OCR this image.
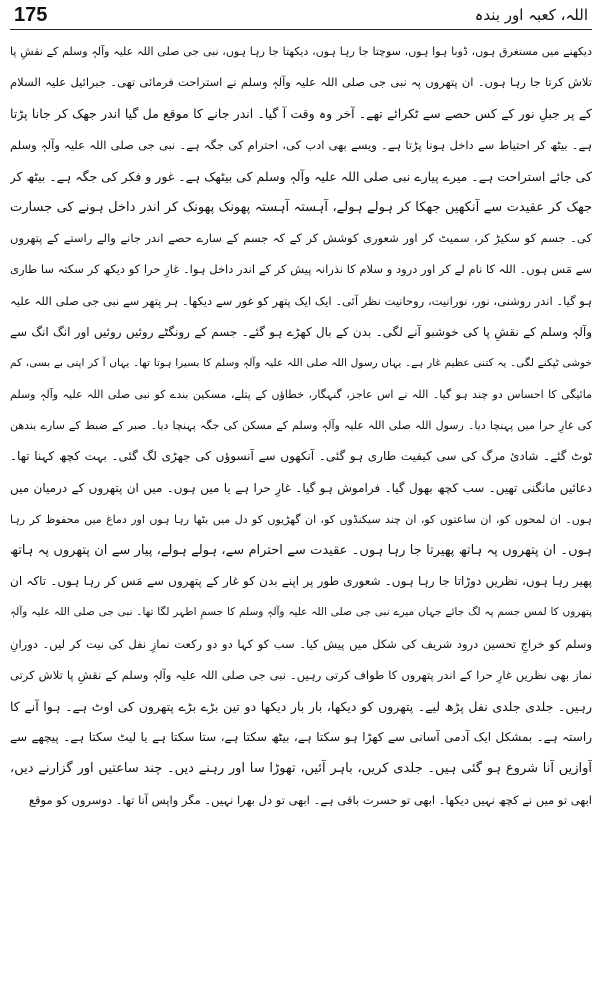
175	اللہ، کعبہ اور بندہ
دیکھنے میں مستغرق ہوں، ڈوبا ہوا ہوں، سوچتا جا رہا ہوں، دیکھتا جا رہا ہوں، نبی جی صلی اللہ علیہ وآلہٖ وسلم کے نقشِ پا
تلاش کرتا جا رہا ہوں۔ ان پتھروں پہ نبی جی صلی اللہ علیہ وآلہٖ وسلم نے استراحت فرمائی تھی۔ جبرائیل علیہ السلام
کے پر جبلِ نور کے کس حصے سے ٹکرائے تھے۔ آخر وہ وقت آ گیا۔ اندر جانے کا موقع مل گیا اندر جھک کر جانا پڑتا
ہے۔ بیٹھ کر احتیاط سے داخل ہونا پڑتا ہے۔ ویسے بھی ادب کی، احترام کی جگہ ہے۔ نبی جی صلی اللہ علیہ وآلہٖ وسلم
کی جائے استراحت ہے۔ میرے پیارے نبی صلی اللہ علیہ وآلہٖ وسلم کی بیٹھک ہے۔ غور و فکر کی جگہ ہے۔ بیٹھ کر
جھک کر عقیدت سے آنکھیں جھکا کر ہولے ہولے، آہستہ آہستہ پھونک پھونک کر اندر داخل ہونے کی جسارت
کی۔ جسم کو سکیڑ کر، سمیٹ کر اور شعوری کوشش کر کے کہ جسم کے سارے حصے اندر جانے والے راستے کے پتھروں
سے مَس ہوں۔ اللہ کا نام لے کر اور درود و سلام کا نذرانہ پیش کر کے اندر داخل ہوا۔ غارِ حرا کو دیکھ کر سکتہ سا طاری
ہو گیا۔ اندر روشنی، نور، نورانیت، روحانیت نظر آئی۔ ایک ایک پتھر کو غور سے دیکھا۔ ہر پتھر سے نبی جی صلی اللہ علیہ
وآلہٖ وسلم کے نقشِ پا کی خوشبو آنے لگی۔ بدن کے بال کھڑے ہو گئے۔ جسم کے رونگٹے روئیں روئیں اور انگ انگ سے
خوشی ٹپکنے لگی۔ یہ کتنی عظیم غار ہے۔ یہاں رسول اللہ صلی اللہ علیہ وآلہٖ وسلم کا بسیرا ہوتا تھا۔ یہاں آ کر اپنی بے بسی، کم
مائیگی کا احساس دو چند ہو گیا۔ اللہ نے اس عاجز، گنہگار، خطاؤں کے پتلے، مسکین بندے کو نبی صلی اللہ علیہ وآلہٖ وسلم
کی غارِ حرا میں پہنچا دیا۔ رسول اللہ صلی اللہ علیہ وآلہٖ وسلم کے مسکن کی جگہ پہنچا دیا۔ صبر کے ضبط کے سارے بندھن
ٹوٹ گئے۔ شادیٔ مرگ کی سی کیفیت طاری ہو گئی۔ آنکھوں سے آنسوؤں کی جھڑی لگ گئی۔ بہت کچھ کہنا تھا۔
دعائیں مانگنی تھیں۔ سب کچھ بھول گیا۔ فراموش ہو گیا۔ غارِ حرا ہے یا میں ہوں۔ میں ان پتھروں کے درمیان میں
ہوں۔ ان لمحوں کو، ان ساعتوں کو، ان چند سیکنڈوں کو، ان گھڑیوں کو دل میں بٹھا رہا ہوں اور دماغ میں محفوظ کر رہا
ہوں۔ ان پتھروں پہ ہاتھ پھیرتا جا رہا ہوں۔ عقیدت سے احترام سے، ہولے ہولے، پیار سے ان پتھروں پہ ہاتھ
پھیر رہا ہوں، نظریں دوڑاتا جا رہا ہوں۔ شعوری طور پر اپنے بدن کو غار کے پتھروں سے مَس کر رہا ہوں۔ تاکہ ان
پتھروں کا لمس جسم پہ لگ جائے جہاں میرے نبی جی صلی اللہ علیہ وآلہٖ وسلم کا جسمِ اطہر لگا تھا۔ نبی جی صلی اللہ علیہ وآلہٖ
وسلم کو خراجِ تحسین درود شریف کی شکل میں پیش کیا۔ سب کو کہا دو دو رکعت نمازِ نفل کی نیت کر لیں۔ دورانِ
نماز بھی نظریں غارِ حرا کے اندر پتھروں کا طواف کرتی رہیں۔ نبی جی صلی اللہ علیہ وآلہٖ وسلم کے نقشِ پا تلاش کرتی
رہیں۔ جلدی جلدی نفل پڑھ لیے۔ پتھروں کو دیکھا، بار بار دیکھا دو تین بڑے بڑے پتھروں کی اوٹ ہے۔ ہوا آنے کا
راستہ ہے۔ بمشکل ایک آدمی آسانی سے کھڑا ہو سکتا ہے، بیٹھ سکتا ہے، ستا سکتا ہے یا لیٹ سکتا ہے۔ پیچھے سے
آوازیں آنا شروع ہو گئی ہیں۔ جلدی کریں، باہر آئیں، تھوڑا سا اور رہنے دیں۔ چند ساعتیں اور گزارنے دیں،
ابھی تو میں نے کچھ نہیں دیکھا۔ ابھی تو حسرت باقی ہے۔ ابھی تو دل بھرا نہیں۔ مگر واپس آنا تھا۔ دوسروں کو موقع
